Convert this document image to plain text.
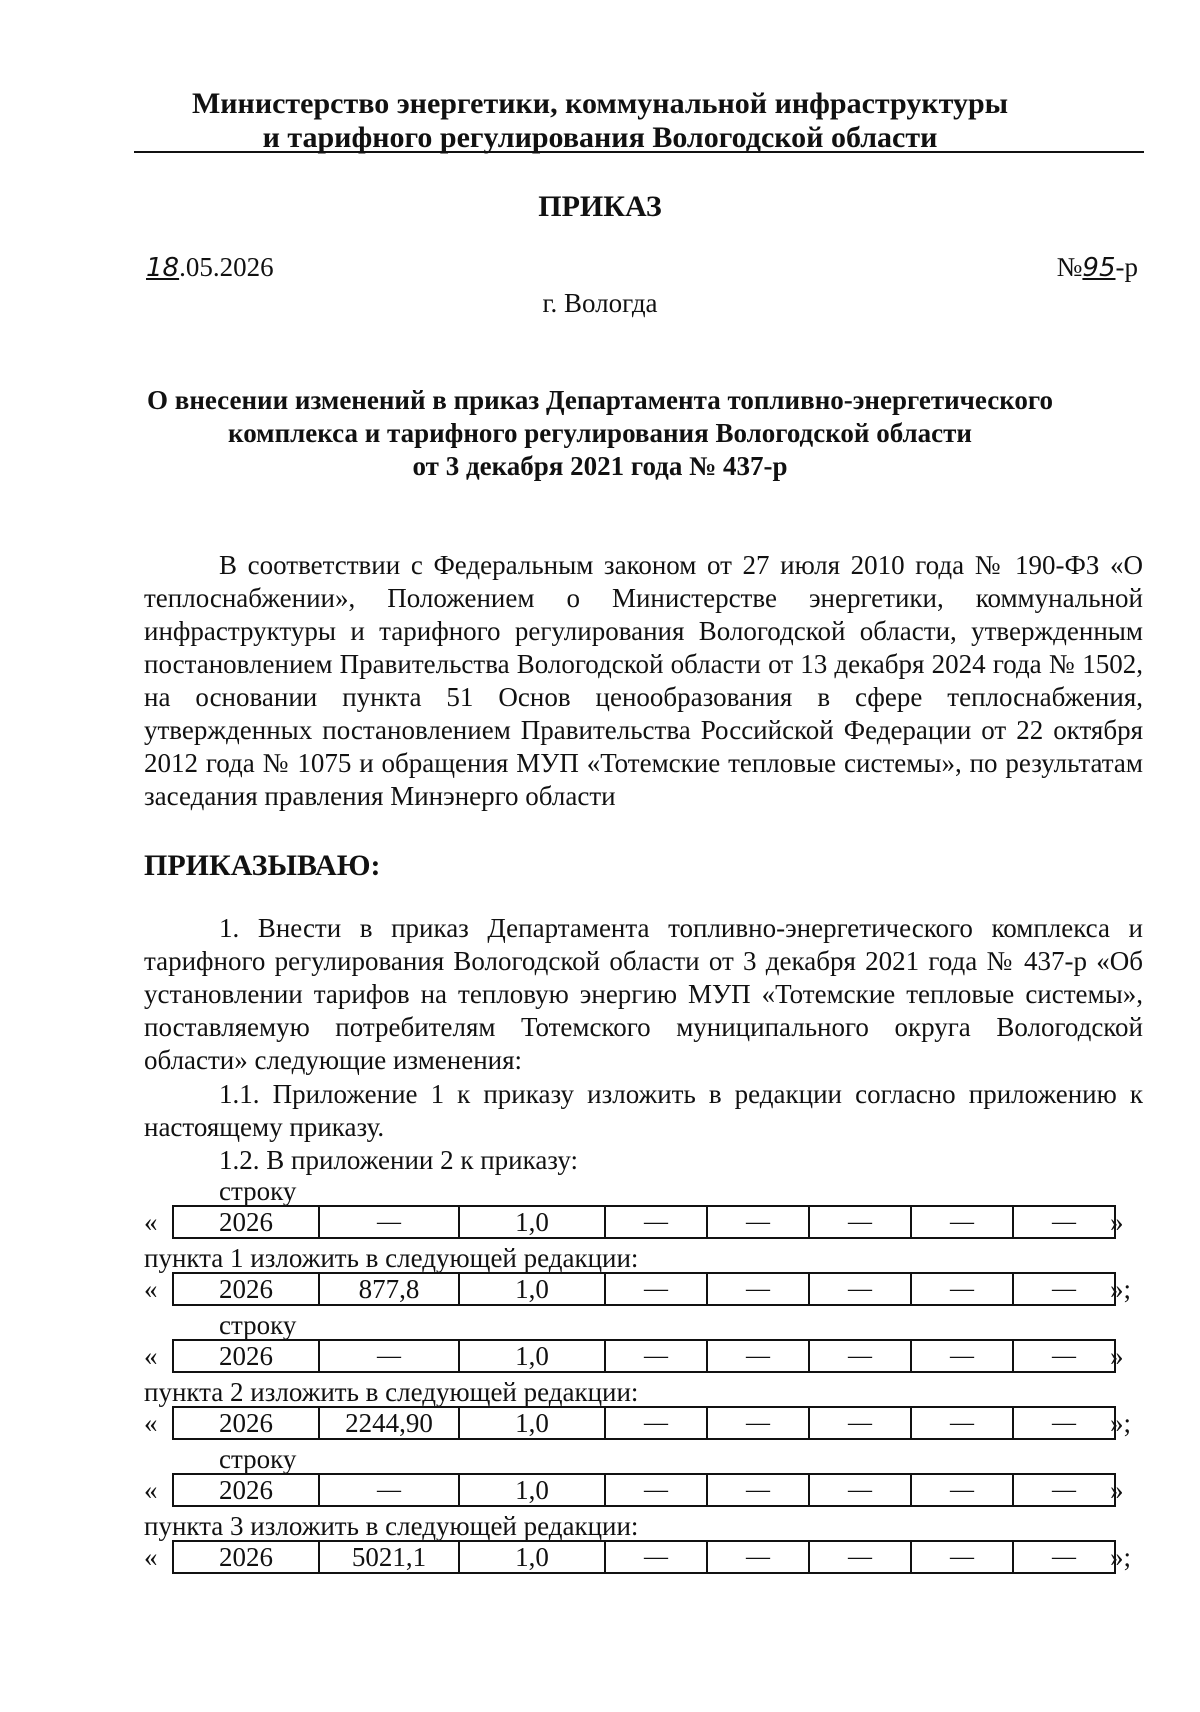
Министерство энергетики, коммунальной инфраструктуры
и тарифного регулирования Вологодской области
ПРИКАЗ
18.05.2026	№95-р
г. Вологда
О внесении изменений в приказ Департамента топливно-энергетического
комплекса и тарифного регулирования Вологодской области
от 3 декабря 2021 года № 437-р
В соответствии с Федеральным законом от 27 июля 2010 года № 190-ФЗ «О теплоснабжении», Положением о Министерстве энергетики, коммунальной инфраструктуры и тарифного регулирования Вологодской области, утвержденным постановлением Правительства Вологодской области от 13 декабря 2024 года № 1502, на основании пункта 51 Основ ценообразования в сфере теплоснабжения, утвержденных постановлением Правительства Российской Федерации от 22 октября 2012 года № 1075 и обращения МУП «Тотемские тепловые системы», по результатам заседания правления Минэнерго области
ПРИКАЗЫВАЮ:
1. Внести в приказ Департамента топливно-энергетического комплекса и тарифного регулирования Вологодской области от 3 декабря 2021 года № 437-р «Об установлении тарифов на тепловую энергию МУП «Тотемские тепловые системы», поставляемую потребителям Тотемского муниципального округа Вологодской области» следующие изменения:
1.1. Приложение 1 к приказу изложить в редакции согласно приложению к настоящему приказу.
1.2. В приложении 2 к приказу:
строку
« 2026	—	1,0	—	—	—	—	— »
пункта 1 изложить в следующей редакции:
« 2026	877,8	1,0	—	—	—	—	— »;
строку
« 2026	—	1,0	—	—	—	—	— »
пункта 2 изложить в следующей редакции:
« 2026	2244,90	1,0	—	—	—	—	— »;
строку
« 2026	—	1,0	—	—	—	—	— »
пункта 3 изложить в следующей редакции:
« 2026	5021,1	1,0	—	—	—	—	— »;
